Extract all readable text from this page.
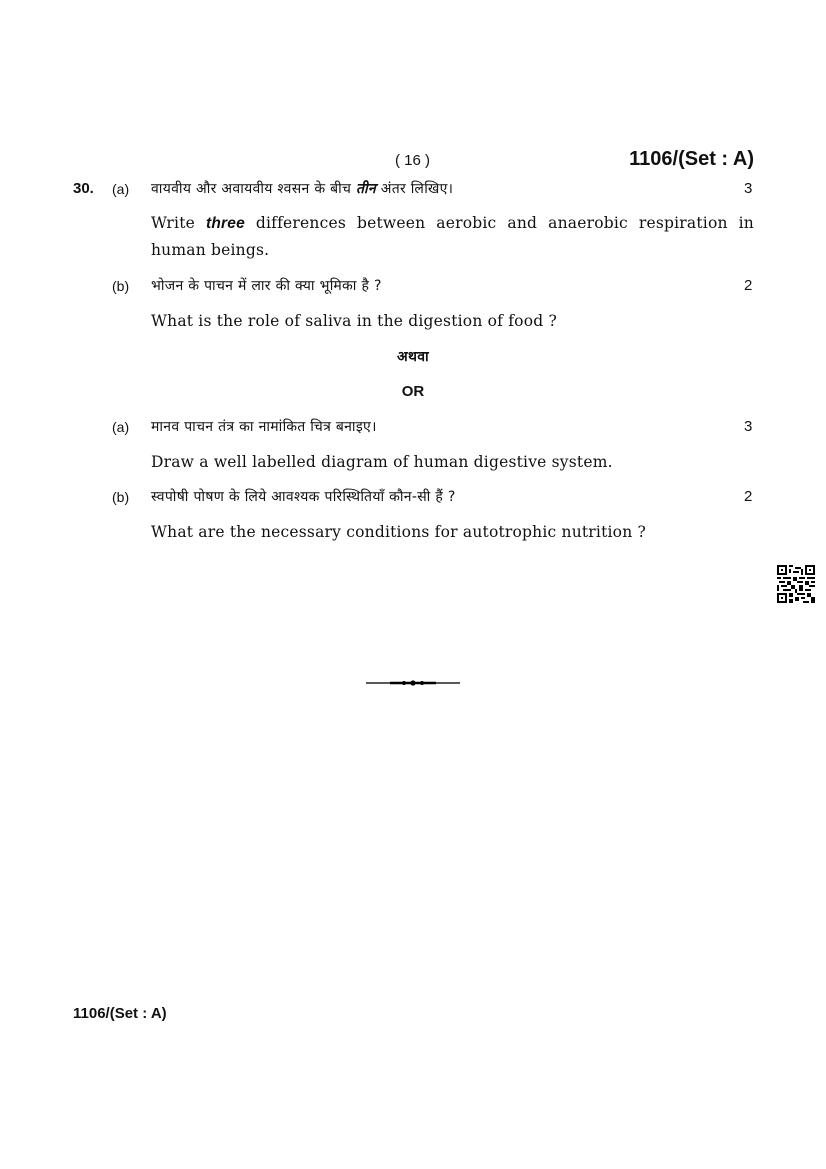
( 16 )	1106/(Set : A)
30. (a) वायवीय और अवायवीय श्वसन के बीच तीन अंतर लिखिए।	3
Write three differences between aerobic and anaerobic respiration in human beings.
(b) भोजन के पाचन में लार की क्या भूमिका है ?	2
What is the role of saliva in the digestion of food ?
अथवा
OR
(a) मानव पाचन तंत्र का नामांकित चित्र बनाइए।	3
Draw a well labelled diagram of human digestive system.
(b) स्वपोषी पोषण के लिये आवश्यक परिस्थितियाँ कौन-सी हैं ?	2
What are the necessary conditions for autotrophic nutrition ?
1106/(Set : A)
